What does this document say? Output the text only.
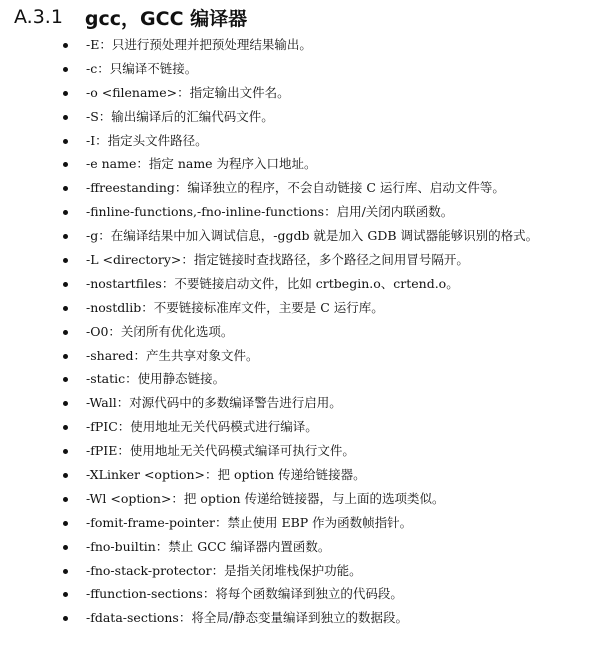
A.3.1 gcc，GCC 编译器
-E：只进行预处理并把预处理结果输出。
-c：只编译不链接。
-o <filename>：指定输出文件名。
-S：输出编译后的汇编代码文件。
-I：指定头文件路径。
-e name：指定 name 为程序入口地址。
-ffreestanding：编译独立的程序，不会自动链接 C 运行库、启动文件等。
-finline-functions,-fno-inline-functions：启用/关闭内联函数。
-g：在编译结果中加入调试信息，-ggdb 就是加入 GDB 调试器能够识别的格式。
-L <directory>：指定链接时查找路径，多个路径之间用冒号隔开。
-nostartfiles：不要链接启动文件，比如 crtbegin.o、crtend.o。
-nostdlib：不要链接标准库文件，主要是 C 运行库。
-O0：关闭所有优化选项。
-shared：产生共享对象文件。
-static：使用静态链接。
-Wall：对源代码中的多数编译警告进行启用。
-fPIC：使用地址无关代码模式进行编译。
-fPIE：使用地址无关代码模式编译可执行文件。
-XLinker <option>：把 option 传递给链接器。
-Wl <option>：把 option 传递给链接器，与上面的选项类似。
-fomit-frame-pointer：禁止使用 EBP 作为函数帧指针。
-fno-builtin：禁止 GCC 编译器内置函数。
-fno-stack-protector：是指关闭堆栈保护功能。
-ffunction-sections：将每个函数编译到独立的代码段。
-fdata-sections：将全局/静态变量编译到独立的数据段。
